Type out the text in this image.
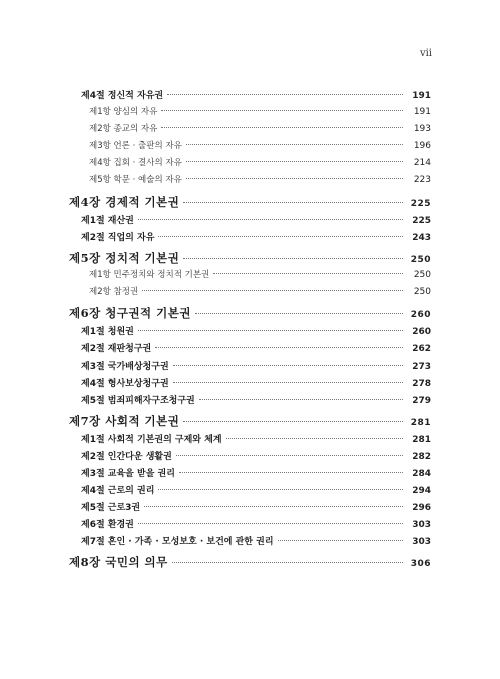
vii
제4절 정신적 자유권	191
제1항 양심의 자유	191
제2항 종교의 자유	193
제3항 언론 · 출판의 자유	196
제4항 집회 · 결사의 자유	214
제5항 학문 · 예술의 자유	223
제4장 경제적 기본권	225
제1절 재산권	225
제2절 직업의 자유	243
제5장 정치적 기본권	250
제1항 민주정치와 정치적 기본권	250
제2항 참정권	250
제6장 청구권적 기본권	260
제1절 청원권	260
제2절 재판청구권	262
제3절 국가배상청구권	273
제4절 형사보상청구권	278
제5절 범죄피해자구조청구권	279
제7장 사회적 기본권	281
제1절 사회적 기본권의 구제와 체계	281
제2절 인간다운 생활권	282
제3절 교육을 받을 권리	284
제4절 근로의 권리	294
제5절 근로3권	296
제6절 환경권	303
제7절 혼인 · 가족 · 모성보호 · 보건에 관한 권리	303
제8장 국민의 의무	306
